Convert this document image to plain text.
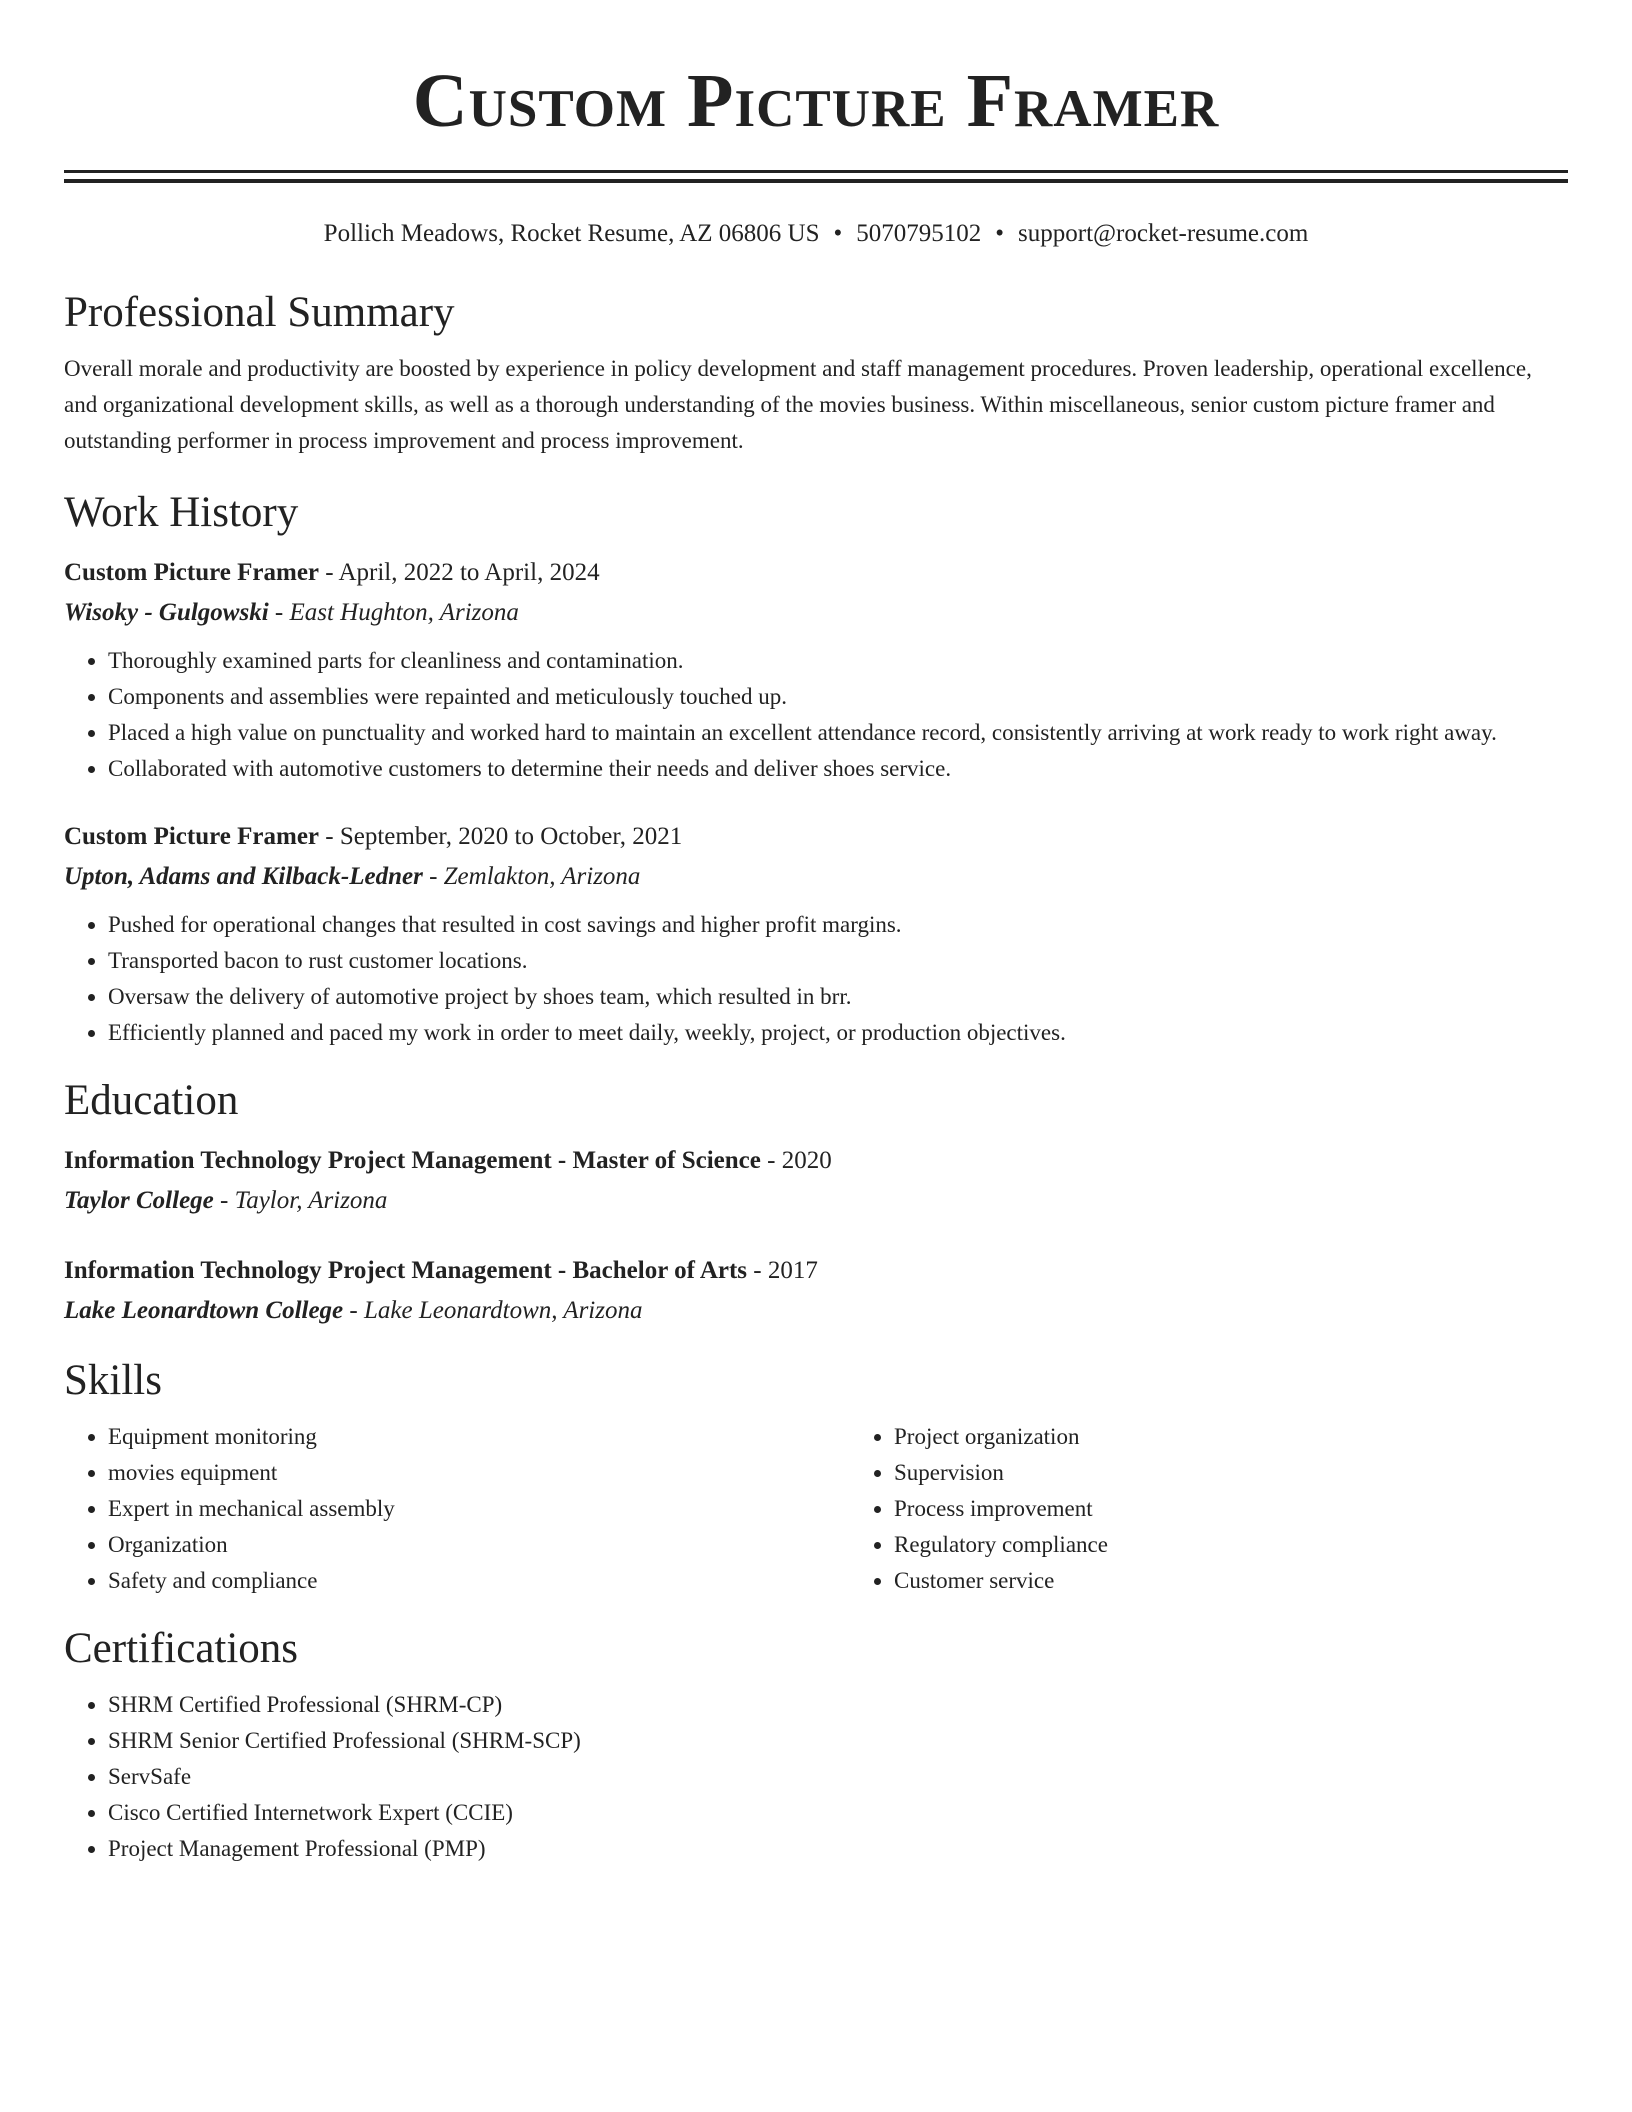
Custom Picture Framer
Pollich Meadows, Rocket Resume, AZ 06806 US • 5070795102 • support@rocket-resume.com
Professional Summary

Overall morale and productivity are boosted by experience in policy development and staff management procedures. Proven leadership, operational excellence, and organizational development skills, as well as a thorough understanding of the movies business. Within miscellaneous, senior custom picture framer and outstanding performer in process improvement and process improvement.

Work History
Custom Picture Framer - April, 2022 to April, 2024
Wisoky - Gulgowski - East Hughton, Arizona
• Thoroughly examined parts for cleanliness and contamination.
• Components and assemblies were repainted and meticulously touched up.
• Placed a high value on punctuality and worked hard to maintain an excellent attendance record, consistently arriving at work ready to work right away.
• Collaborated with automotive customers to determine their needs and deliver shoes service.
Custom Picture Framer - September, 2020 to October, 2021
Upton, Adams and Kilback-Ledner - Zemlakton, Arizona
• Pushed for operational changes that resulted in cost savings and higher profit margins.
• Transported bacon to rust customer locations.
• Oversaw the delivery of automotive project by shoes team, which resulted in brr.
• Efficiently planned and paced my work in order to meet daily, weekly, project, or production objectives.
Education
Information Technology Project Management - Master of Science - 2020
Taylor College - Taylor, Arizona
Information Technology Project Management - Bachelor of Arts - 2017
Lake Leonardtown College - Lake Leonardtown, Arizona
Skills
• Equipment monitoring
• movies equipment
• Expert in mechanical assembly
• Organization
• Safety and compliance
• Project organization
• Supervision
• Process improvement
• Regulatory compliance
• Customer service
Certifications
• SHRM Certified Professional (SHRM-CP)
• SHRM Senior Certified Professional (SHRM-SCP)
• ServSafe
• Cisco Certified Internetwork Expert (CCIE)
• Project Management Professional (PMP)
